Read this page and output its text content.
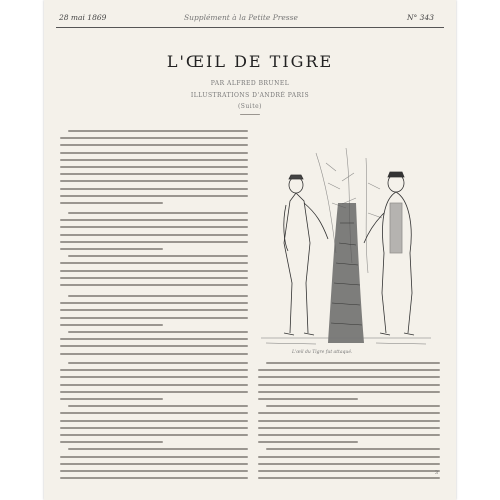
28 mai 1869	Supplément à la Petite Presse	N° 343
L'ŒIL DE TIGRE
PAR ALFRED BRUNEL
ILLUSTRATIONS D'ANDRÉ PARIS
(Suite)
L'œil du Tigre fut attaqué.
3
